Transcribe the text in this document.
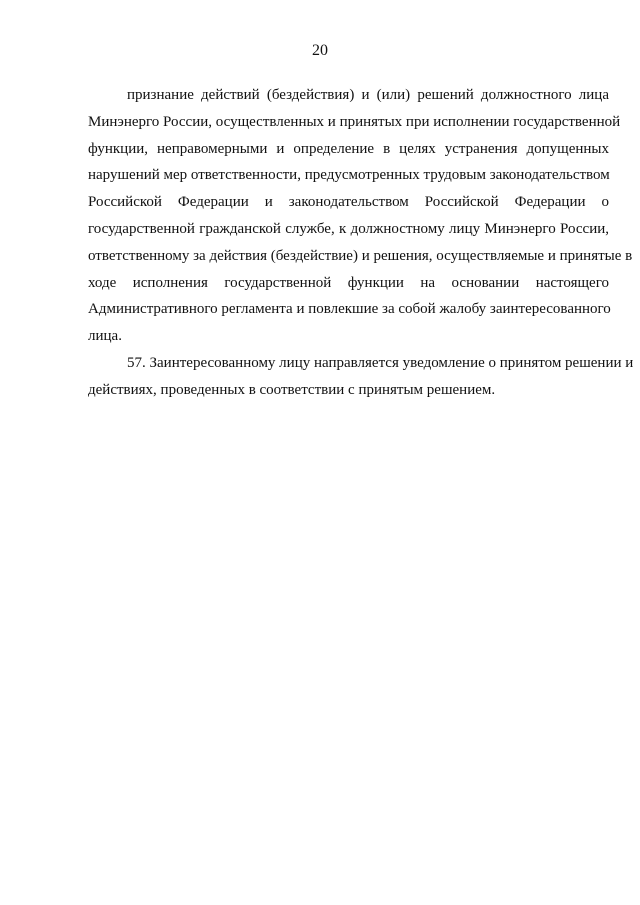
20
признание действий (бездействия) и (или) решений должностного лица
Минэнерго России, осуществленных и принятых при исполнении государственной
функции, неправомерными и определение в целях устранения допущенных
нарушений мер ответственности, предусмотренных трудовым законодательством
Российской Федерации и законодательством Российской Федерации о
государственной гражданской службе, к должностному лицу Минэнерго России,
ответственному за действия (бездействие) и решения, осуществляемые и принятые в
ходе исполнения государственной функции на основании настоящего
Административного регламента и повлекшие за собой жалобу заинтересованного
лица.
57. Заинтересованному лицу направляется уведомление о принятом решении и
действиях, проведенных в соответствии с принятым решением.
